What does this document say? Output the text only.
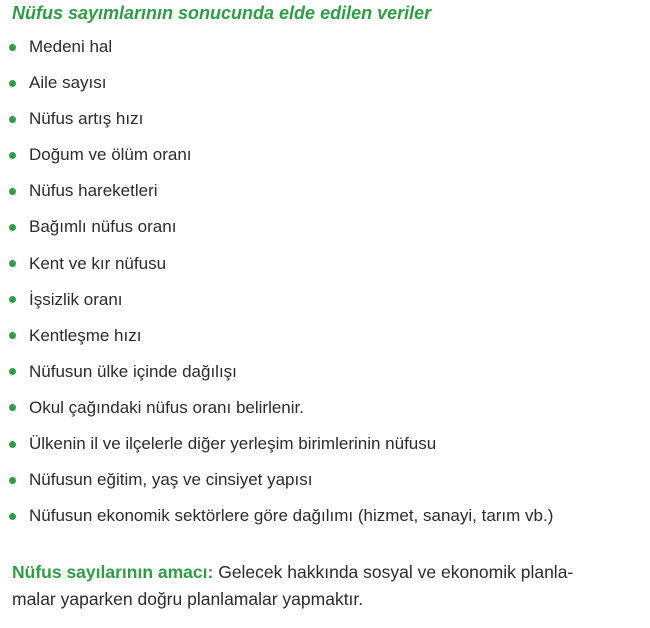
Nüfus sayımlarının sonucunda elde edilen veriler
Medeni hal
Aile sayısı
Nüfus artış hızı
Doğum ve ölüm oranı
Nüfus hareketleri
Bağımlı nüfus oranı
Kent ve kır nüfusu
İşsizlik oranı
Kentleşme hızı
Nüfusun ülke içinde dağılışı
Okul çağındaki nüfus oranı belirlenir.
Ülkenin il ve ilçelerle diğer yerleşim birimlerinin nüfusu
Nüfusun eğitim, yaş ve cinsiyet yapısı
Nüfusun ekonomik sektörlere göre dağılımı (hizmet, sanayi, tarım vb.)
Nüfus sayılarının amacı: Gelecek hakkında sosyal ve ekonomik planla-
malar yaparken doğru planlamalar yapmaktır.
